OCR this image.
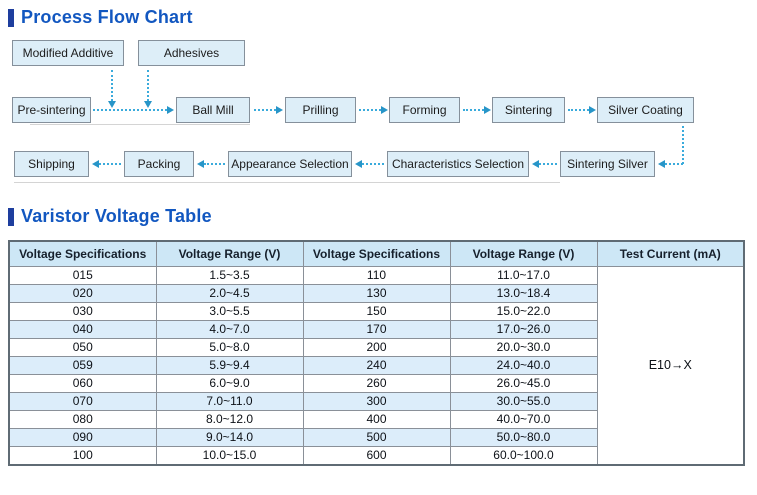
Process Flow Chart
Modified Additive	Adhesives
Pre-sintering	Ball Mill	Prilling	Forming	Sintering	Silver Coating
Shipping	Packing	Appearance Selection	Characteristics Selection	Sintering Silver
Varistor Voltage Table
Voltage Specifications	Voltage Range (V)	Voltage Specifications	Voltage Range (V)	Test Current (mA)
015	1.5~3.5	110	11.0~17.0	E10→X
020	2.0~4.5	130	13.0~18.4	
030	3.0~5.5	150	15.0~22.0	
040	4.0~7.0	170	17.0~26.0	
050	5.0~8.0	200	20.0~30.0	
059	5.9~9.4	240	24.0~40.0	
060	6.0~9.0	260	26.0~45.0	
070	7.0~11.0	300	30.0~55.0	
080	8.0~12.0	400	40.0~70.0	
090	9.0~14.0	500	50.0~80.0	
100	10.0~15.0	600	60.0~100.0	
